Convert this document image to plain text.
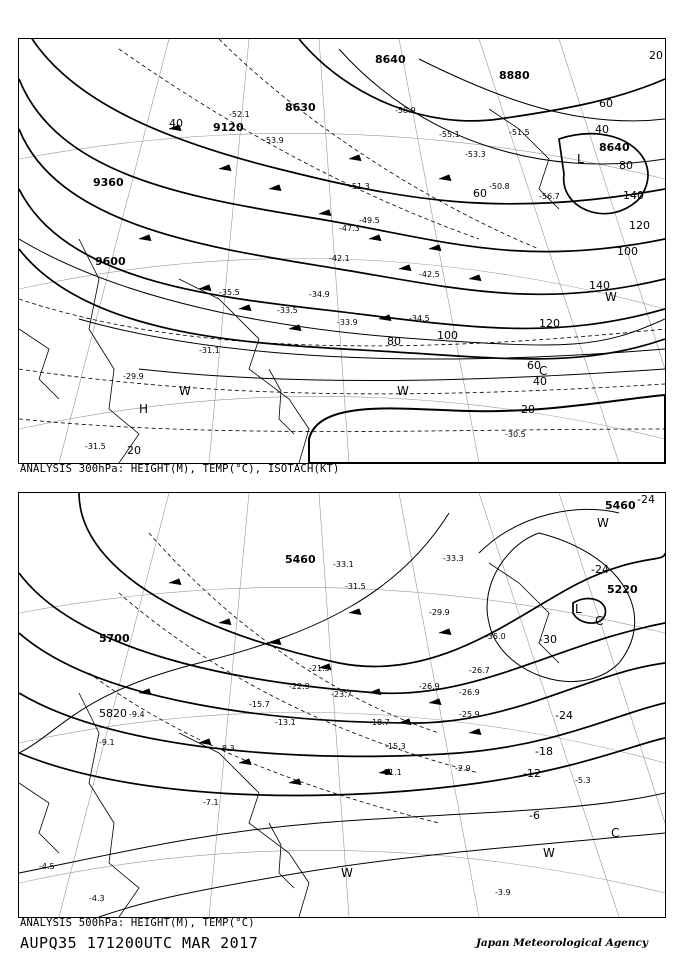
8640
8880
8630
9120
9360
9600
8640
20
40
60
80
100
120
140
100
120
140
80
60
40
20
20
40
60
-52.1
-53.9
-51.3	-50.8
-49.5
-47.3
-42.1
-42.5
-34.9
-33.5
-33.9	-34.5
-35.5
-31.1
-30.5
-31.5
-29.9
-53.3
-51.5
-55.1
-58.9
-56.7
L
H
W	W
W
C
ANALYSIS 300hPa: HEIGHT(M), TEMP(°C), ISOTACH(KT)
5460
5220
5460
5700
5820
-24
-24
-30
-24
-18
-12
-6
-33.1
-33.3
-31.5
-29.9
-26.9
-26.9
-25.9
-23.7
-21.3
-18.7
-15.3
-11.1
-9.4
-7.1
-5.3
-4.5
-4.3
-3.9
-35.0
-26.7
-22.9
-15.7
-13.1
-9.1
-8.3
-2.9
L
W
W
W
C
C
ANALYSIS 500hPa: HEIGHT(M), TEMP(°C)
AUPQ35 171200UTC MAR 2017	Japan Meteorological Agency
